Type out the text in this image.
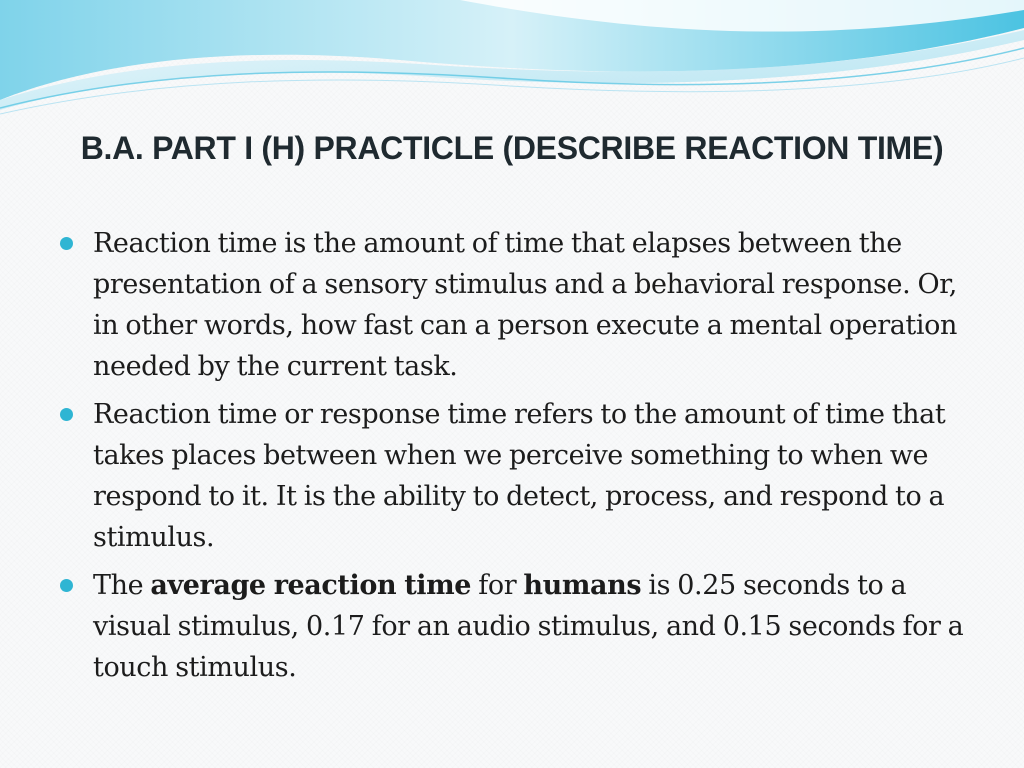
B.A. PART I (H) PRACTICLE (DESCRIBE REACTION TIME)
Reaction time is the amount of time that elapses between the presentation of a sensory stimulus and a behavioral response. Or, in other words, how fast can a person execute a mental operation needed by the current task.
Reaction time or response time refers to the amount of time that takes places between when we perceive something to when we respond to it. It is the ability to detect, process, and respond to a stimulus.
The average reaction time for humans is 0.25 seconds to a visual stimulus, 0.17 for an audio stimulus, and 0.15 seconds for a touch stimulus.
